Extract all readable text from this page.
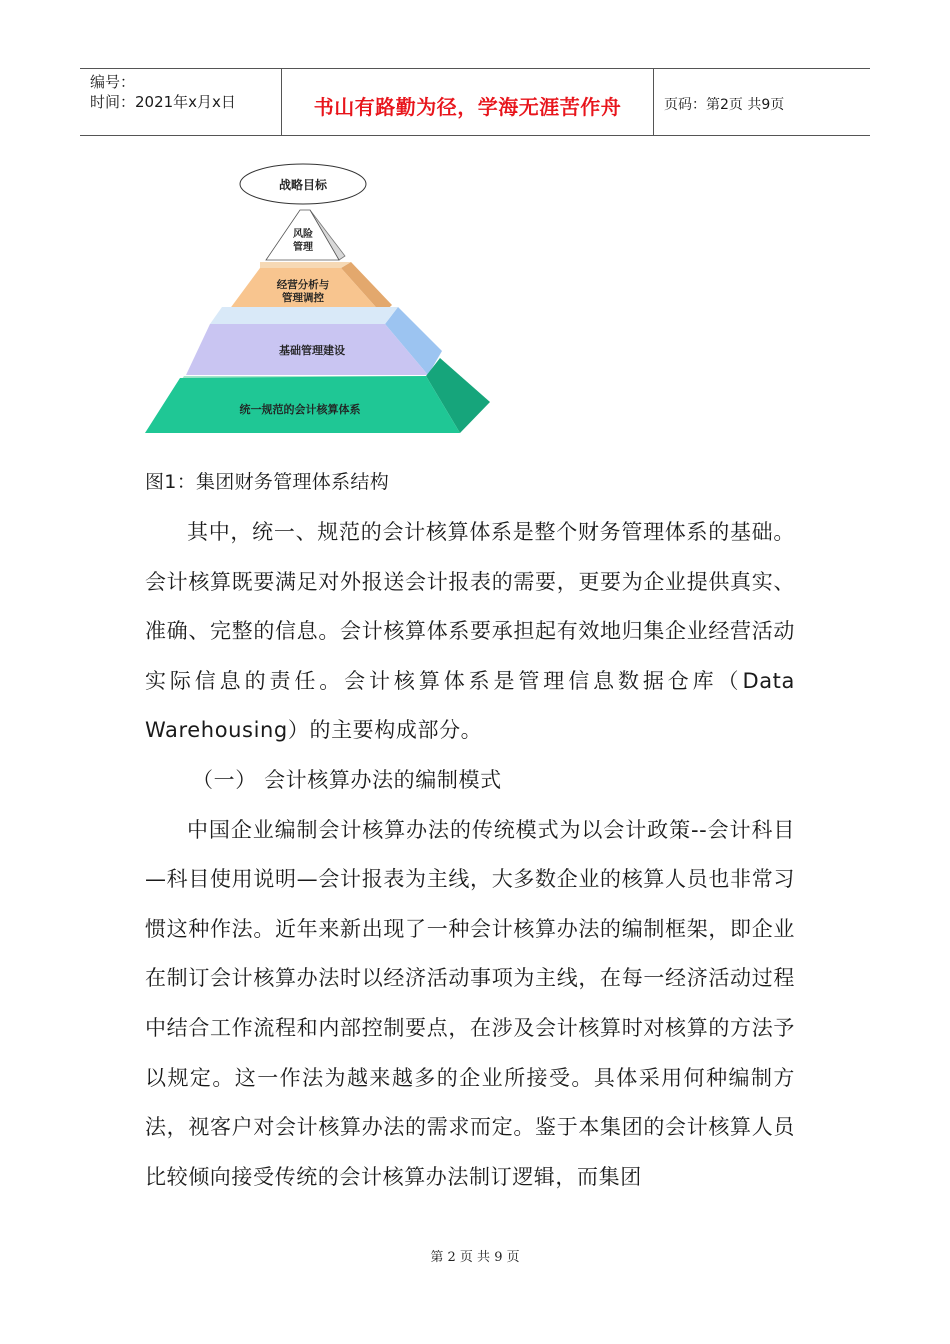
编号：
时间：2021年x月x日	书山有路勤为径，学海无涯苦作舟	页码：第2页 共9页
战略目标
风险
管理
经营分析与
管理调控
基础管理建设
统一规范的会计核算体系
图1：集团财务管理体系结构

其中，统一、规范的会计核算体系是整个财务管理体系的基础。会计核算既要满足对外报送会计报表的需要，更要为企业提供真实、准确、完整的信息。会计核算体系要承担起有效地归集企业经营活动实际信息的责任。会计核算体系是管理信息数据仓库（Data Warehousing）的主要构成部分。

（一） 会计核算办法的编制模式

中国企业编制会计核算办法的传统模式为以会计政策--会计科目—科目使用说明—会计报表为主线，大多数企业的核算人员也非常习惯这种作法。近年来新出现了一种会计核算办法的编制框架，即企业在制订会计核算办法时以经济活动事项为主线，在每一经济活动过程中结合工作流程和内部控制要点，在涉及会计核算时对核算的方法予以规定。这一作法为越来越多的企业所接受。具体采用何种编制方法，视客户对会计核算办法的需求而定。鉴于本集团的会计核算人员比较倾向接受传统的会计核算办法制订逻辑，而集团

第 2 页 共 9 页
